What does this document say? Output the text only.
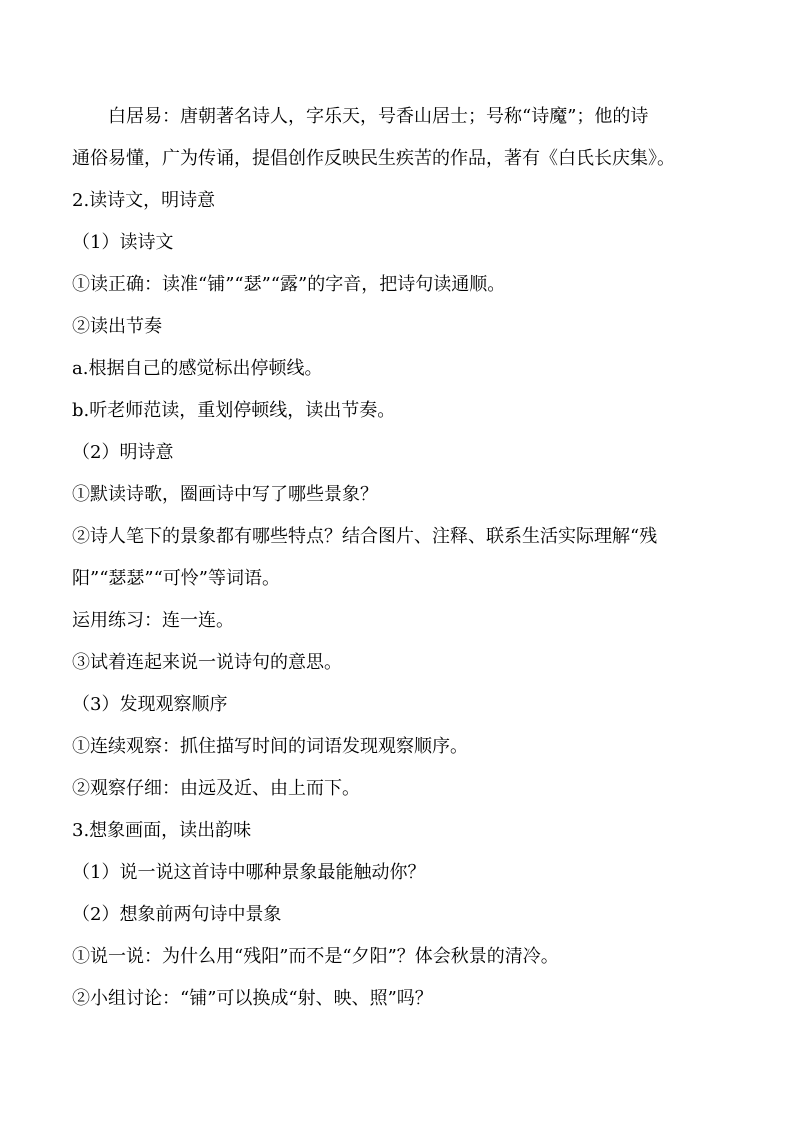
白居易：唐朝著名诗人，字乐天，号香山居士；号称“诗魔”；他的诗
通俗易懂，广为传诵，提倡创作反映民生疾苦的作品，著有《白氏长庆集》。
2.读诗文，明诗意
（1）读诗文
①读正确：读准“铺”“瑟”“露”的字音，把诗句读通顺。
②读出节奏
a.根据自己的感觉标出停顿线。
b.听老师范读，重划停顿线，读出节奏。
（2）明诗意
①默读诗歌，圈画诗中写了哪些景象？
②诗人笔下的景象都有哪些特点？结合图片、注释、联系生活实际理解“残
阳”“瑟瑟”“可怜”等词语。
运用练习：连一连。
③试着连起来说一说诗句的意思。
（3）发现观察顺序
①连续观察：抓住描写时间的词语发现观察顺序。
②观察仔细：由远及近、由上而下。
3.想象画面，读出韵味
（1）说一说这首诗中哪种景象最能触动你？
（2）想象前两句诗中景象
①说一说：为什么用“残阳”而不是“夕阳”？体会秋景的清冷。
②小组讨论：“铺”可以换成“射、映、照”吗？
